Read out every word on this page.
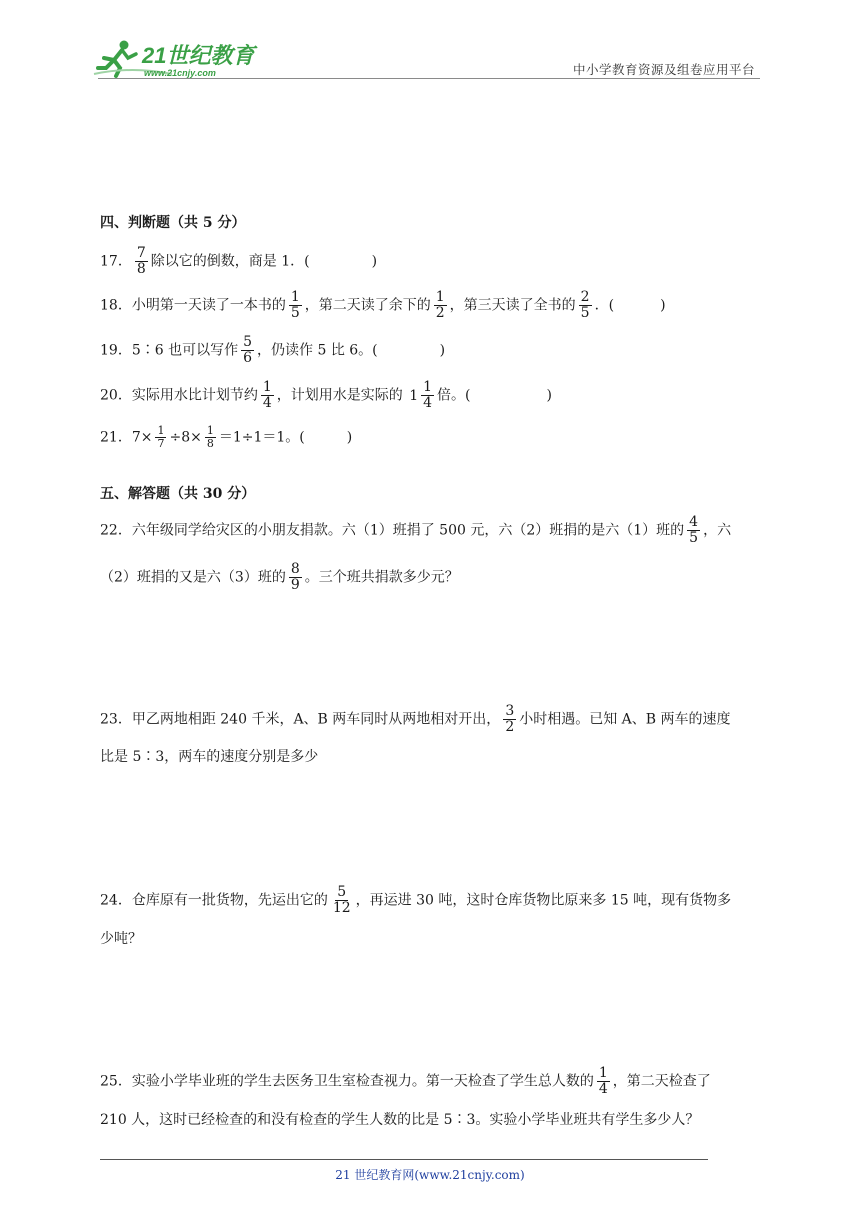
21世纪教育
www.21cnjy.com	中小学教育资源及组卷应用平台
四、判断题（共 5 分）
17． $\frac{7}{8}$ 除以它的倒数，商是 1．(	)
18．小明第一天读了一本书的 $\frac{1}{5}$ ，第二天读了余下的 $\frac{1}{2}$ ，第三天读了全书的 $\frac{2}{5}$ ．(	)
19．5∶6 也可以写作 $\frac{5}{6}$ ，仍读作 5 比 6。(	)
20．实际用水比计划节约 $\frac{1}{4}$ ，计划用水是实际的 $1 \frac{1}{4}$ 倍。(	)
21．$7\times \frac{1}{7} \div 8\times \frac{1}{8} =1\div 1=1$。(	)
五、解答题（共 30 分）
22．六年级同学给灾区的小朋友捐款。六（1）班捐了 500 元，六（2）班捐的是六（1）班的 $\frac{4}{5}$ ，六
（2）班捐的又是六（3）班的 $\frac{8}{9}$ 。三个班共捐款多少元？
23．甲乙两地相距 240 千米，A、B 两车同时从两地相对开出， $\frac{3}{2}$ 小时相遇。已知 A、B 两车的速度
比是 5∶3，两车的速度分别是多少
24．仓库原有一批货物，先运出它的 $\frac{5}{12}$ ，再运进 30 吨，这时仓库货物比原来多 15 吨，现有货物多
少吨？
25．实验小学毕业班的学生去医务卫生室检查视力。第一天检查了学生总人数的 $\frac{1}{4}$ ，第二天检查了
210 人，这时已经检查的和没有检查的学生人数的比是 5∶3。实验小学毕业班共有学生多少人？
21 世纪教育网(www.21cnjy.com)
